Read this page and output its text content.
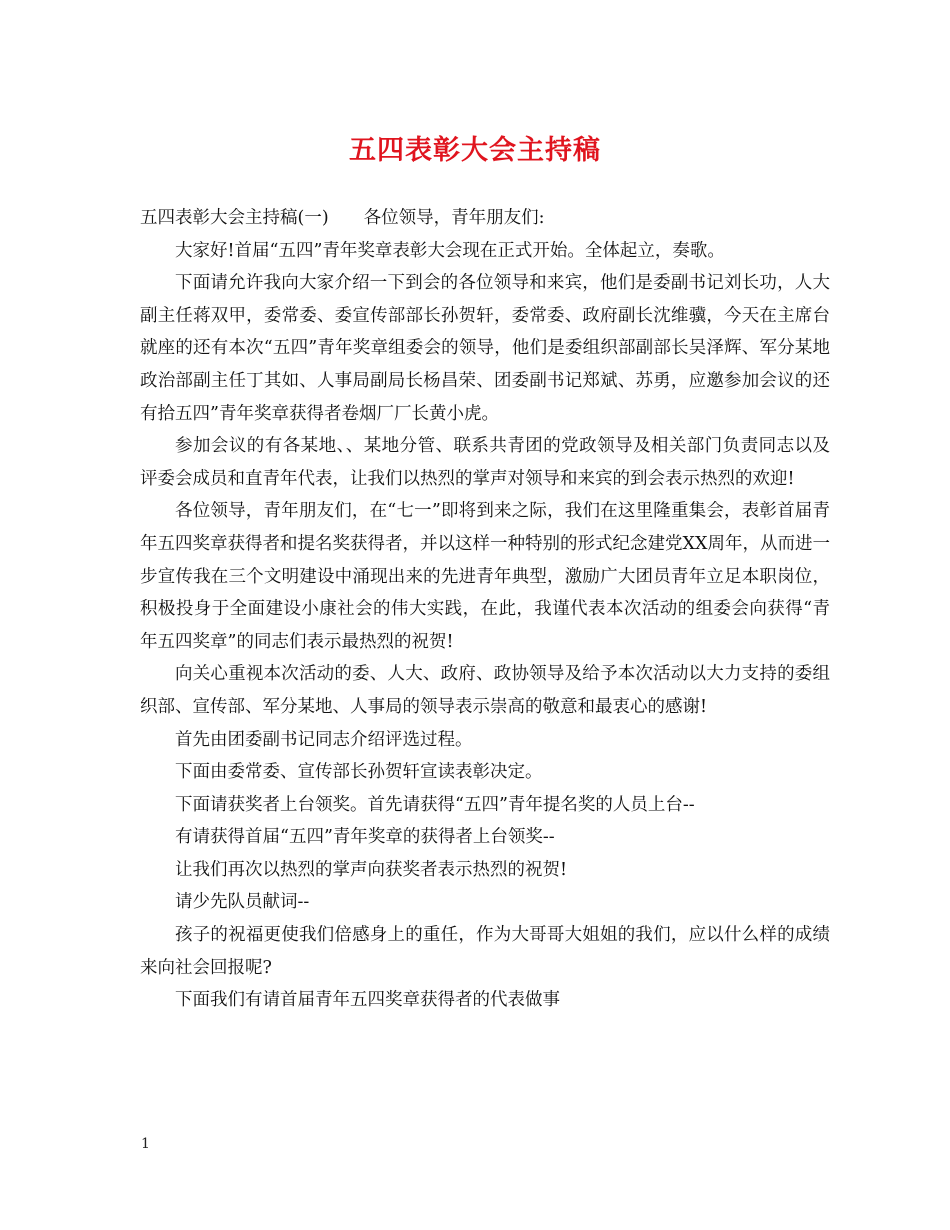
五四表彰大会主持稿

五四表彰大会主持稿(一)　　各位领导，青年朋友们:

大家好!首届“五四”青年奖章表彰大会现在正式开始。全体起立，奏歌。

下面请允许我向大家介绍一下到会的各位领导和来宾，他们是委副书记刘长功，人大副主任蒋双甲，委常委、委宣传部部长孙贺轩，委常委、政府副长沈维骥，今天在主席台就座的还有本次“五四”青年奖章组委会的领导，他们是委组织部副部长吴泽辉、军分某地政治部副主任丁其如、人事局副局长杨昌荣、团委副书记郑斌、苏勇，应邀参加会议的还有拾五四”青年奖章获得者卷烟厂厂长黄小虎。

参加会议的有各某地、、某地分管、联系共青团的党政领导及相关部门负责同志以及评委会成员和直青年代表，让我们以热烈的掌声对领导和来宾的到会表示热烈的欢迎!

各位领导，青年朋友们，在“七一”即将到来之际，我们在这里隆重集会，表彰首届青年五四奖章获得者和提名奖获得者，并以这样一种特别的形式纪念建党XX周年，从而进一步宣传我在三个文明建设中涌现出来的先进青年典型，激励广大团员青年立足本职岗位，积极投身于全面建设小康社会的伟大实践，在此，我谨代表本次活动的组委会向获得“青年五四奖章”的同志们表示最热烈的祝贺!

向关心重视本次活动的委、人大、政府、政协领导及给予本次活动以大力支持的委组织部、宣传部、军分某地、人事局的领导表示崇高的敬意和最衷心的感谢!

首先由团委副书记同志介绍评选过程。

下面由委常委、宣传部长孙贺轩宣读表彰决定。

下面请获奖者上台领奖。首先请获得“五四”青年提名奖的人员上台--

有请获得首届“五四”青年奖章的获得者上台领奖--

让我们再次以热烈的掌声向获奖者表示热烈的祝贺!

请少先队员献词--

孩子的祝福更使我们倍感身上的重任，作为大哥哥大姐姐的我们，应以什么样的成绩来向社会回报呢?

下面我们有请首届青年五四奖章获得者的代表做事

1
